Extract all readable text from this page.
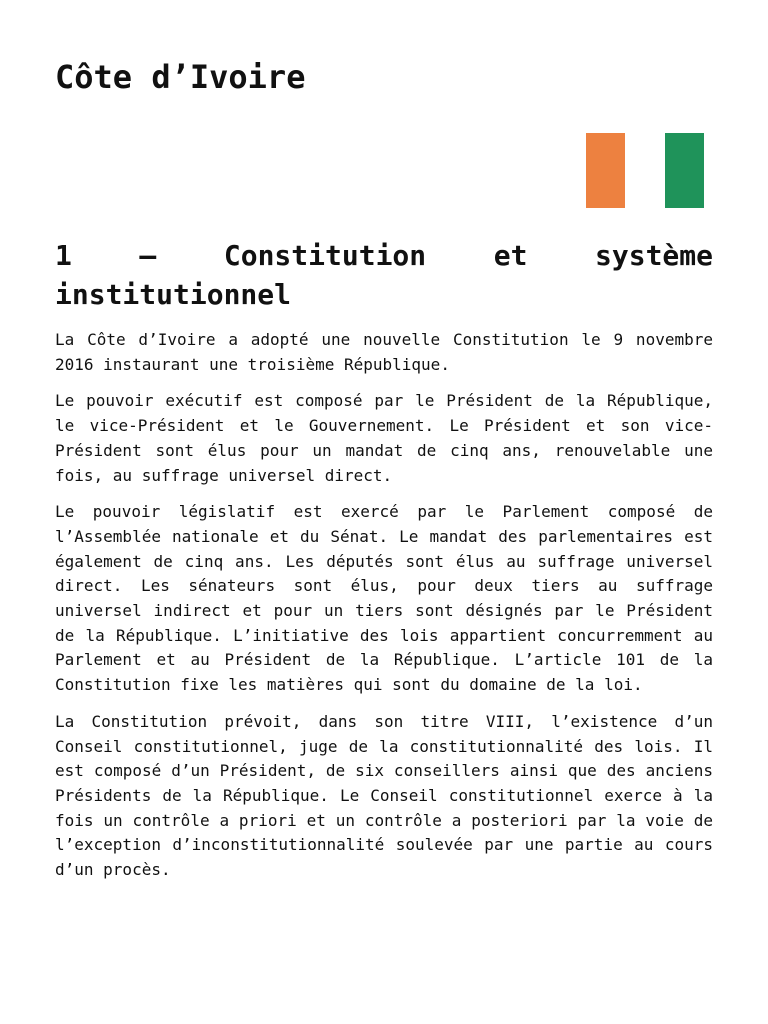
Côte d’Ivoire
1 – Constitution et système institutionnel

La Côte d’Ivoire a adopté une nouvelle Constitution le 9 novembre 2016 instaurant une troisième République.

Le pouvoir exécutif est composé par le Président de la République, le vice-Président et le Gouvernement. Le Président et son vice-Président sont élus pour un mandat de cinq ans, renouvelable une fois, au suffrage universel direct.

Le pouvoir législatif est exercé par le Parlement composé de l’Assemblée nationale et du Sénat. Le mandat des parlementaires est également de cinq ans. Les députés sont élus au suffrage universel direct. Les sénateurs sont élus, pour deux tiers au suffrage universel indirect et pour un tiers sont désignés par le Président de la République. L’initiative des lois appartient concurremment au Parlement et au Président de la République. L’article 101 de la Constitution fixe les matières qui sont du domaine de la loi.

La Constitution prévoit, dans son titre VIII, l’existence d’un Conseil constitutionnel, juge de la constitutionnalité des lois. Il est composé d’un Président, de six conseillers ainsi que des anciens Présidents de la République. Le Conseil constitutionnel exerce à la fois un contrôle a priori et un contrôle a posteriori par la voie de l’exception d’inconstitutionnalité soulevée par une partie au cours d’un procès.
